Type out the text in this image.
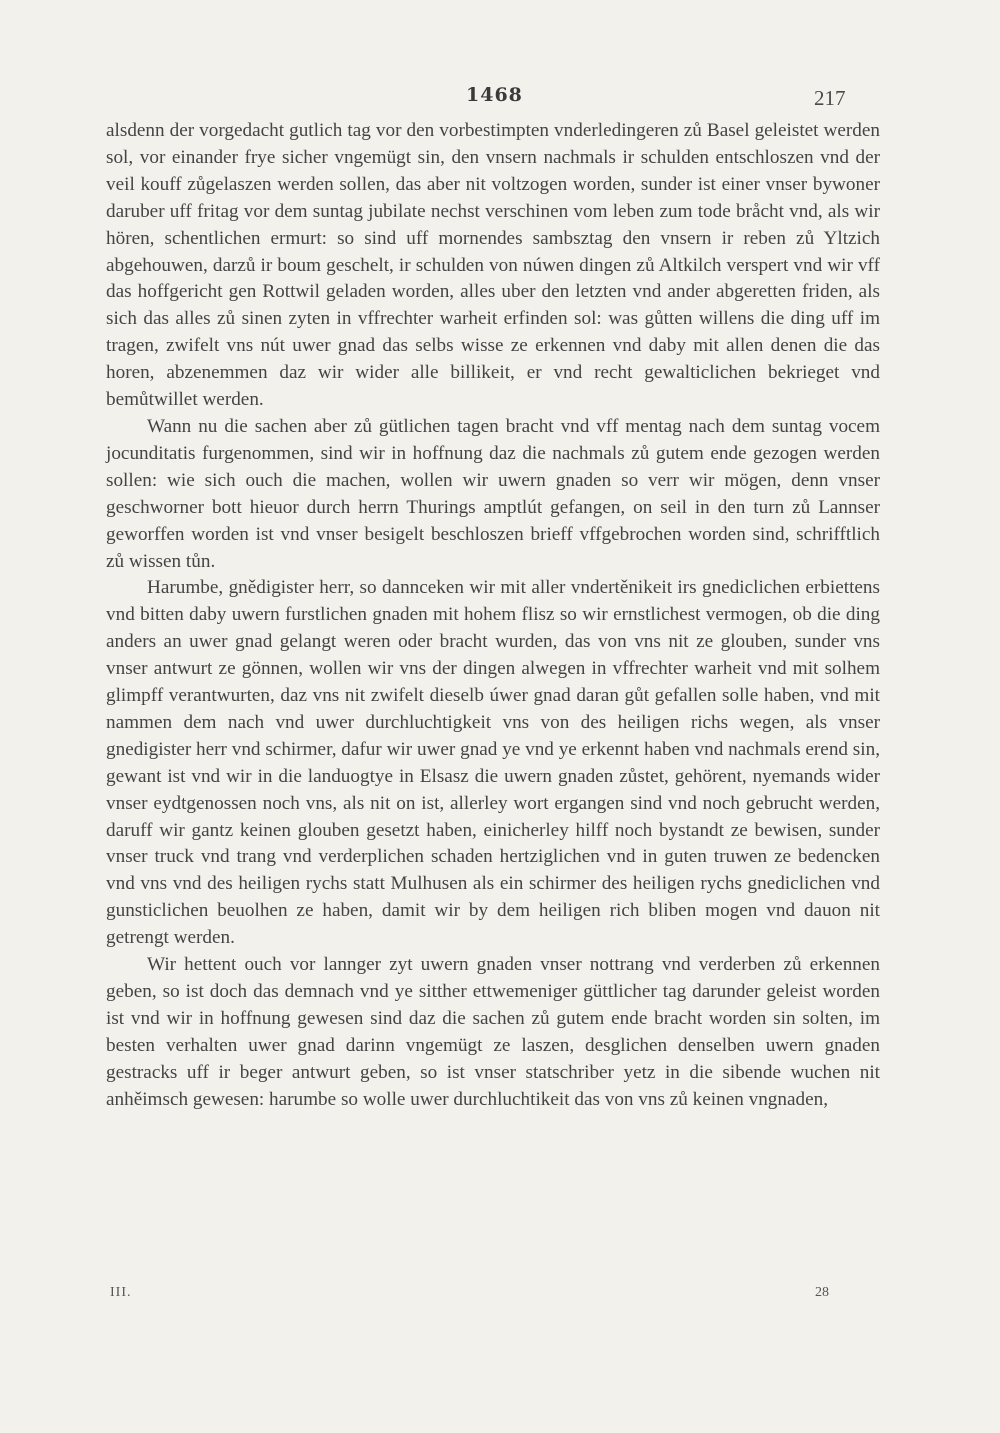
1468	217

alsdenn der vorgedacht gutlich tag vor den vorbestimpten vnderledingeren zů Basel geleistet werden sol, vor einander frye sicher vngemügt sin, den vnsern nachmals ir schulden entschloszen vnd der veil kouff zůgelaszen werden sollen, das aber nit voltzogen worden, sunder ist einer vnser bywoner daruber uff fritag vor dem suntag jubilate nechst verschinen vom leben zum tode bråcht vnd, als wir hören, schentlichen ermurt: so sind uff mornendes sambsztag den vnsern ir reben zů Yltzich abgehouwen, darzů ir boum geschelt, ir schulden von núwen dingen zů Altkilch verspert vnd wir vff das hoffgericht gen Rottwil geladen worden, alles uber den letzten vnd ander abgeretten friden, als sich das alles zů sinen zyten in vffrechter warheit erfinden sol: was gůtten willens die ding uff im tragen, zwifelt vns nút uwer gnad das selbs wisse ze erkennen vnd daby mit allen denen die das horen, abzenemmen daz wir wider alle billikeit, er vnd recht gewalticlichen bekrieget vnd bemůtwillet werden.

Wann nu die sachen aber zů gütlichen tagen bracht vnd vff mentag nach dem suntag vocem jocunditatis furgenommen, sind wir in hoffnung daz die nachmals zů gutem ende gezogen werden sollen: wie sich ouch die machen, wollen wir uwern gnaden so verr wir mögen, denn vnser geschworner bott hieuor durch herrn Thurings amptlút gefangen, on seil in den turn zů Lannser geworffen worden ist vnd vnser besigelt beschloszen brieff vffgebrochen worden sind, schrifftlich zů wissen tůn.

Harumbe, gnědigister herr, so dannceken wir mit aller vndertěnikeit irs gnediclichen erbiettens vnd bitten daby uwern furstlichen gnaden mit hohem flisz so wir ernstlichest vermogen, ob die ding anders an uwer gnad gelangt weren oder bracht wurden, das von vns nit ze glouben, sunder vns vnser antwurt ze gönnen, wollen wir vns der dingen alwegen in vffrechter warheit vnd mit solhem glimpff verantwurten, daz vns nit zwifelt dieselb úwer gnad daran gůt gefallen solle haben, vnd mit nammen dem nach vnd uwer durchluchtigkeit vns von des heiligen richs wegen, als vnser gnedigister herr vnd schirmer, dafur wir uwer gnad ye vnd ye erkennt haben vnd nachmals erend sin, gewant ist vnd wir in die landuogtye in Elsasz die uwern gnaden zůstet, gehörent, nyemands wider vnser eydtgenossen noch vns, als nit on ist, allerley wort ergangen sind vnd noch gebrucht werden, daruff wir gantz keinen glouben gesetzt haben, einicherley hilff noch bystandt ze bewisen, sunder vnser truck vnd trang vnd verderplichen schaden hertziglichen vnd in guten truwen ze bedencken vnd vns vnd des heiligen rychs statt Mulhusen als ein schirmer des heiligen rychs gnediclichen vnd gunsticlichen beuolhen ze haben, damit wir by dem heiligen rich bliben mogen vnd dauon nit getrengt werden.

Wir hettent ouch vor lannger zyt uwern gnaden vnser nottrang vnd verderben zů erkennen geben, so ist doch das demnach vnd ye sitther ettwemeniger güttlicher tag darunder geleist worden ist vnd wir in hoffnung gewesen sind daz die sachen zů gutem ende bracht worden sin solten, im besten verhalten uwer gnad darinn vngemügt ze laszen, desglichen denselben uwern gnaden gestracks uff ir beger antwurt geben, so ist vnser statschriber yetz in die sibende wuchen nit anhěimsch gewesen: harumbe so wolle uwer durchluchtikeit das von vns zů keinen vngnaden,

III.	28
